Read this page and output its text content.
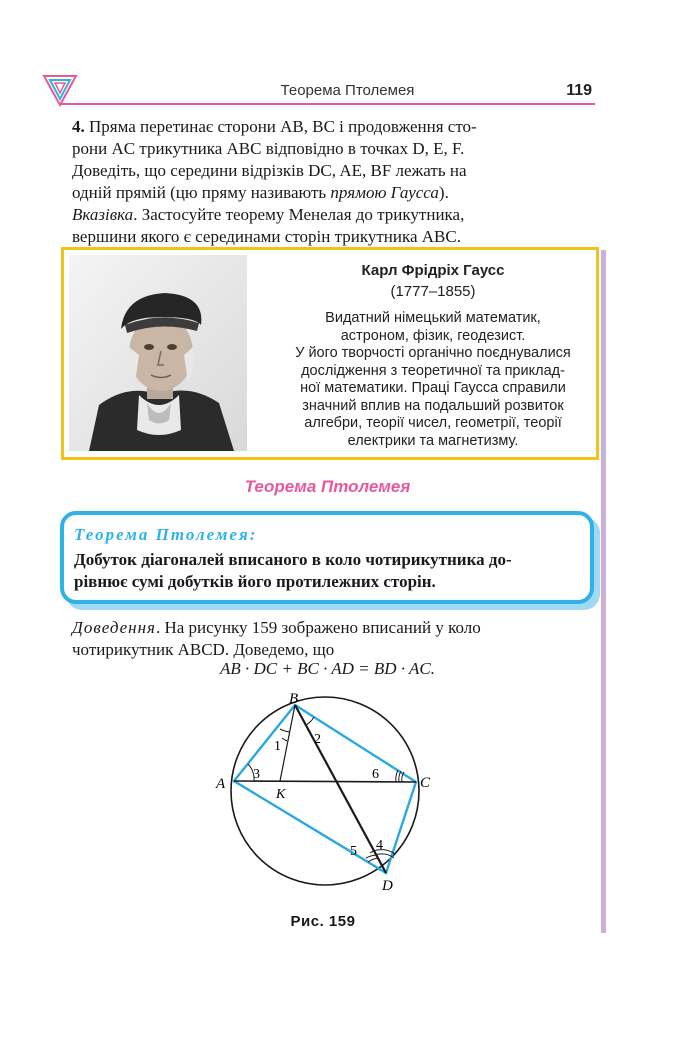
Теорема Птолемея	119
4. Пряма перетинає сторони AB, BC і продовження сто-
рони AC трикутника ABC відповідно в точках D, E, F.
Доведіть, що середини відрізків DC, AE, BF лежать на
одній прямій (цю пряму називають прямою Гаусса).
Вказівка. Застосуйте теорему Менелая до трикутника,
вершини якого є серединами сторін трикутника ABC.
Карл Фрідріх Гаусс
(1777–1855)
Видатний німецький математик,
астроном, фізик, геодезист.
У його творчості органічно поєднувалися
дослідження з теоретичної та приклад-
ної математики. Праці Гаусса справили
значний вплив на подальший розвиток
алгебри, теорії чисел, геометрії, теорії
електрики та магнетизму.
Теорема Птолемея
Теорема Птолемея:
Добуток діагоналей вписаного в коло чотирикутника до-
рівнює сумі добутків його протилежних сторін.
Доведення. На рисунку 159 зображено вписаний у коло
чотирикутник ABCD. Доведемо, що
AB · DC + BC · AD = BD · AC.
A
B
C
D
K
1 2
3
4
5
6
Рис. 159
